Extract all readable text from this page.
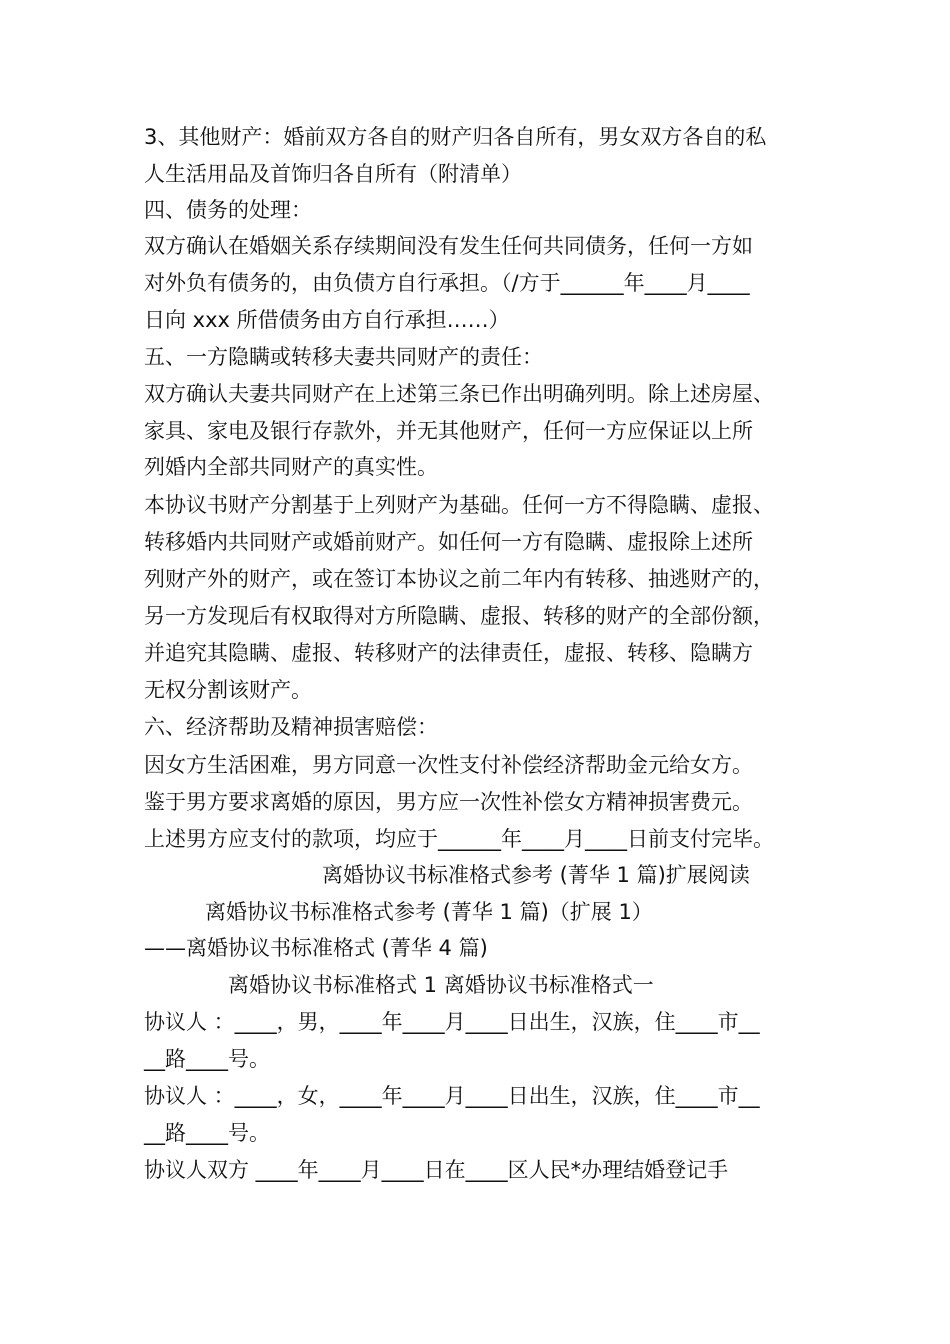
3、其他财产：婚前双方各自的财产归各自所有，男女双方各自的私
人生活用品及首饰归各自所有（附清单）
四、债务的处理：
双方确认在婚姻关系存续期间没有发生任何共同债务，任何一方如
对外负有债务的，由负债方自行承担。（/方于______年____月____
日向 xxx 所借债务由方自行承担……）
五、一方隐瞒或转移夫妻共同财产的责任：
双方确认夫妻共同财产在上述第三条已作出明确列明。除上述房屋、
家具、家电及银行存款外，并无其他财产，任何一方应保证以上所
列婚内全部共同财产的真实性。
本协议书财产分割基于上列财产为基础。任何一方不得隐瞒、虚报、
转移婚内共同财产或婚前财产。如任何一方有隐瞒、虚报除上述所
列财产外的财产，或在签订本协议之前二年内有转移、抽逃财产的，
另一方发现后有权取得对方所隐瞒、虚报、转移的财产的全部份额，
并追究其隐瞒、虚报、转移财产的法律责任，虚报、转移、隐瞒方
无权分割该财产。
六、经济帮助及精神损害赔偿：
因女方生活困难，男方同意一次性支付补偿经济帮助金元给女方。
鉴于男方要求离婚的原因，男方应一次性补偿女方精神损害费元。
上述男方应支付的款项，均应于______年____月____日前支付完毕。
离婚协议书标准格式参考 (菁华 1 篇)扩展阅读
离婚协议书标准格式参考 (菁华 1 篇)（扩展 1）
——离婚协议书标准格式 (菁华 4 篇)
离婚协议书标准格式 1 离婚协议书标准格式一
协议人 ：____，男，____年____月____日出生，汉族，住____市__
__路____号。
协议人 ：____，女，____年____月____日出生，汉族，住____市__
__路____号。
协议人双方 ____年____月____日在____区人民*办理结婚登记手
